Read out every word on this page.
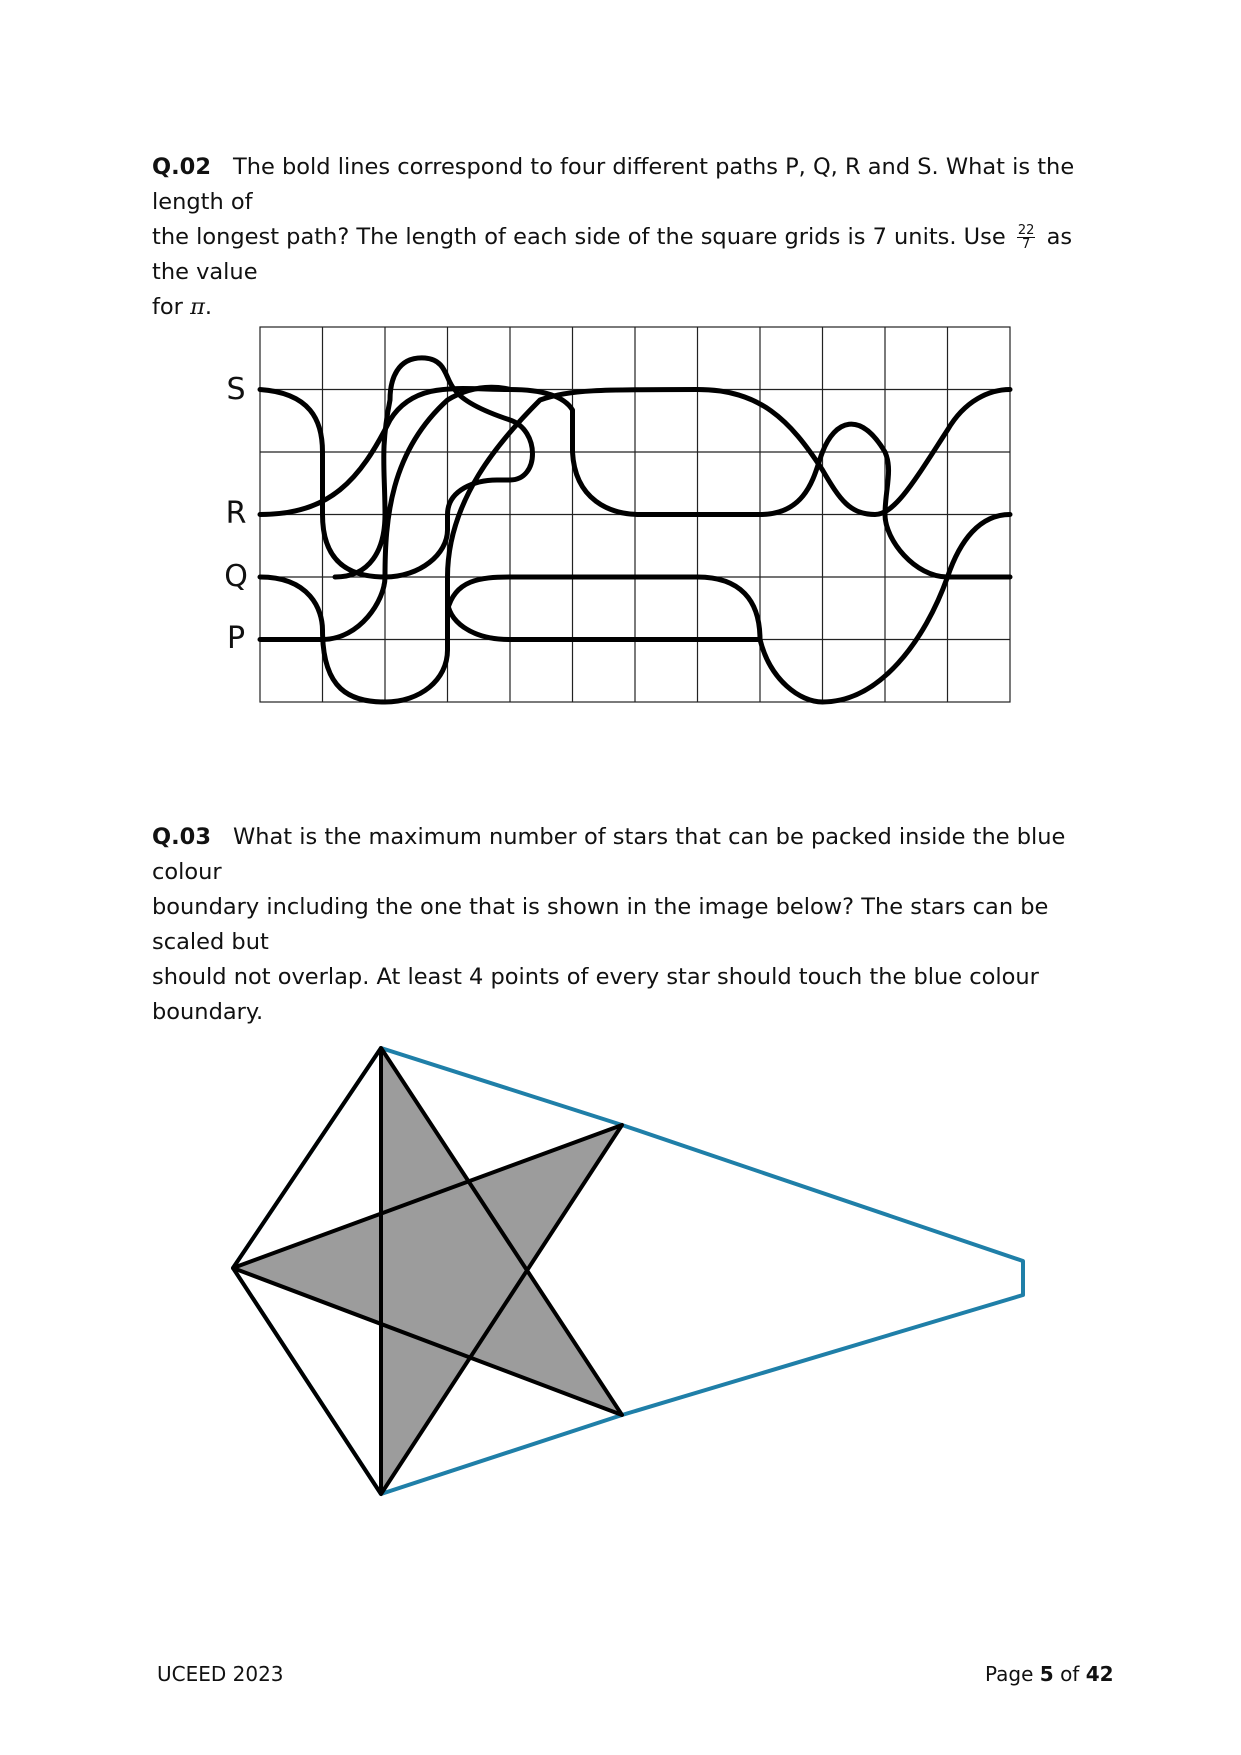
Q.02 The bold lines correspond to four different paths P, Q, R and S. What is the length of
the longest path? The length of each side of the square grids is 7 units. Use $\frac{22}{7}$ as the value
for π.
S
R
Q
P
Q.03 What is the maximum number of stars that can be packed inside the blue colour
boundary including the one that is shown in the image below? The stars can be scaled but
should not overlap. At least 4 points of every star should touch the blue colour boundary.
UCEED 2023	Page 5 of 42
